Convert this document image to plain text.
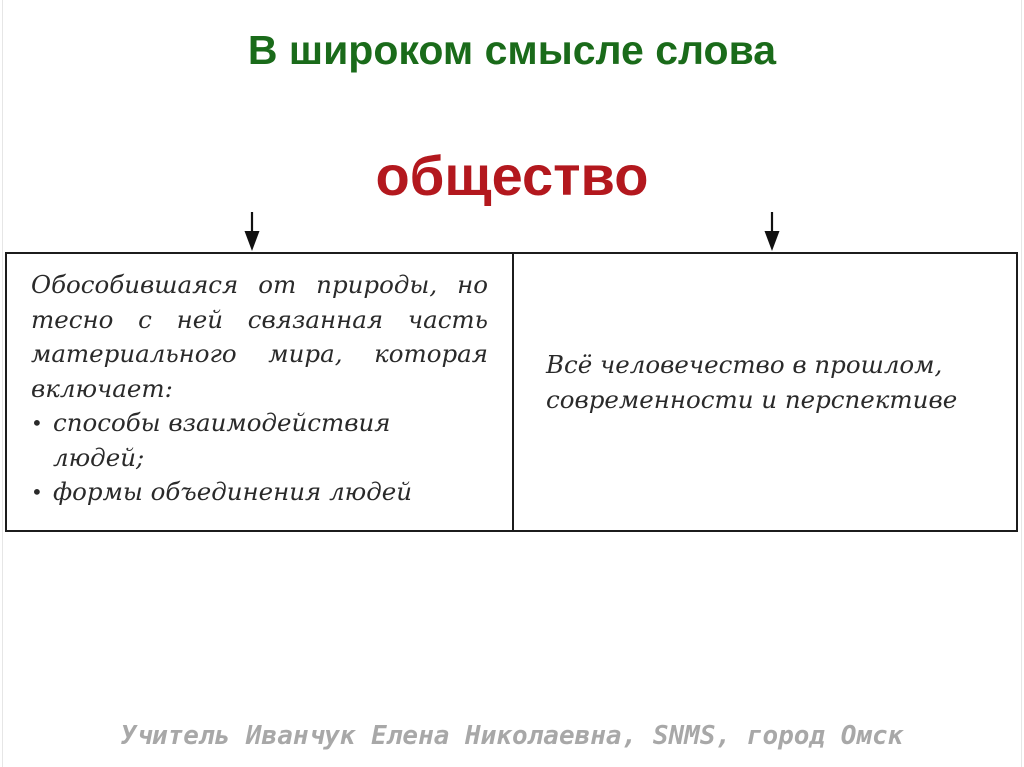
В широком смысле слова
общество

Обособившаяся от природы, но тесно с ней связанная часть материального мира, которая включает:

• способы взаимодействия людей;

• формы объединения людей

Всё человечество в прошлом, современности и перспективе

Учитель Иванчук Елена Николаевна, SNMS, город Омск
